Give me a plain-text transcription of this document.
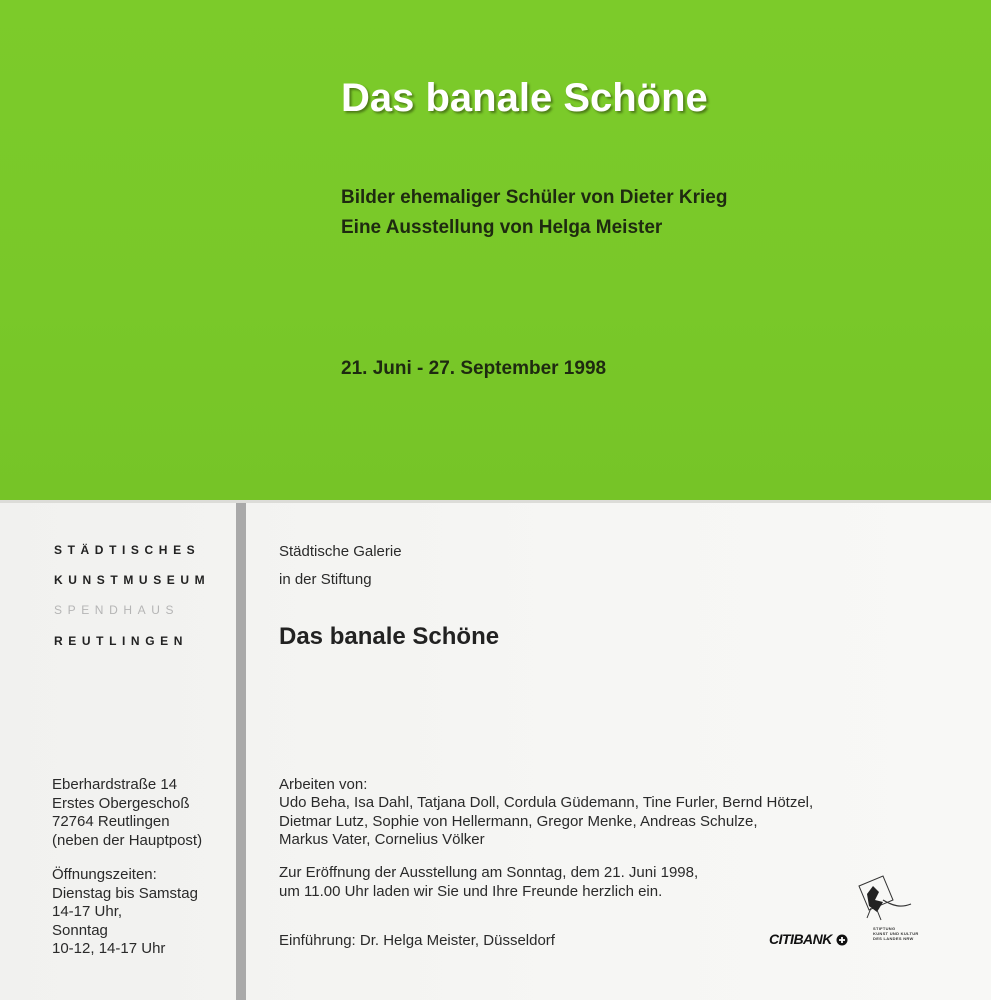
Das banale Schöne
Bilder ehemaliger Schüler von Dieter Krieg
Eine Ausstellung von Helga Meister
21. Juni - 27. September 1998
STÄDTISCHES
KUNSTMUSEUM
SPENDHAUS
REUTLINGEN
Eberhardstraße 14
Erstes Obergeschoß
72764 Reutlingen
(neben der Hauptpost)
Öffnungszeiten:
Dienstag bis Samstag
14-17 Uhr,
Sonntag
10-12, 14-17 Uhr
Städtische Galerie
in der Stiftung
Das banale Schöne
Arbeiten von:
Udo Beha, Isa Dahl, Tatjana Doll, Cordula Güdemann, Tine Furler, Bernd Hötzel,
Dietmar Lutz, Sophie von Hellermann, Gregor Menke, Andreas Schulze,
Markus Vater, Cornelius Völker
Zur Eröffnung der Ausstellung am Sonntag, dem 21. Juni 1998,
um 11.00 Uhr laden wir Sie und Ihre Freunde herzlich ein.
Einführung: Dr. Helga Meister, Düsseldorf	CITIBANK
STIFTUNG
KUNST UND KULTUR
DES LANDES NRW
